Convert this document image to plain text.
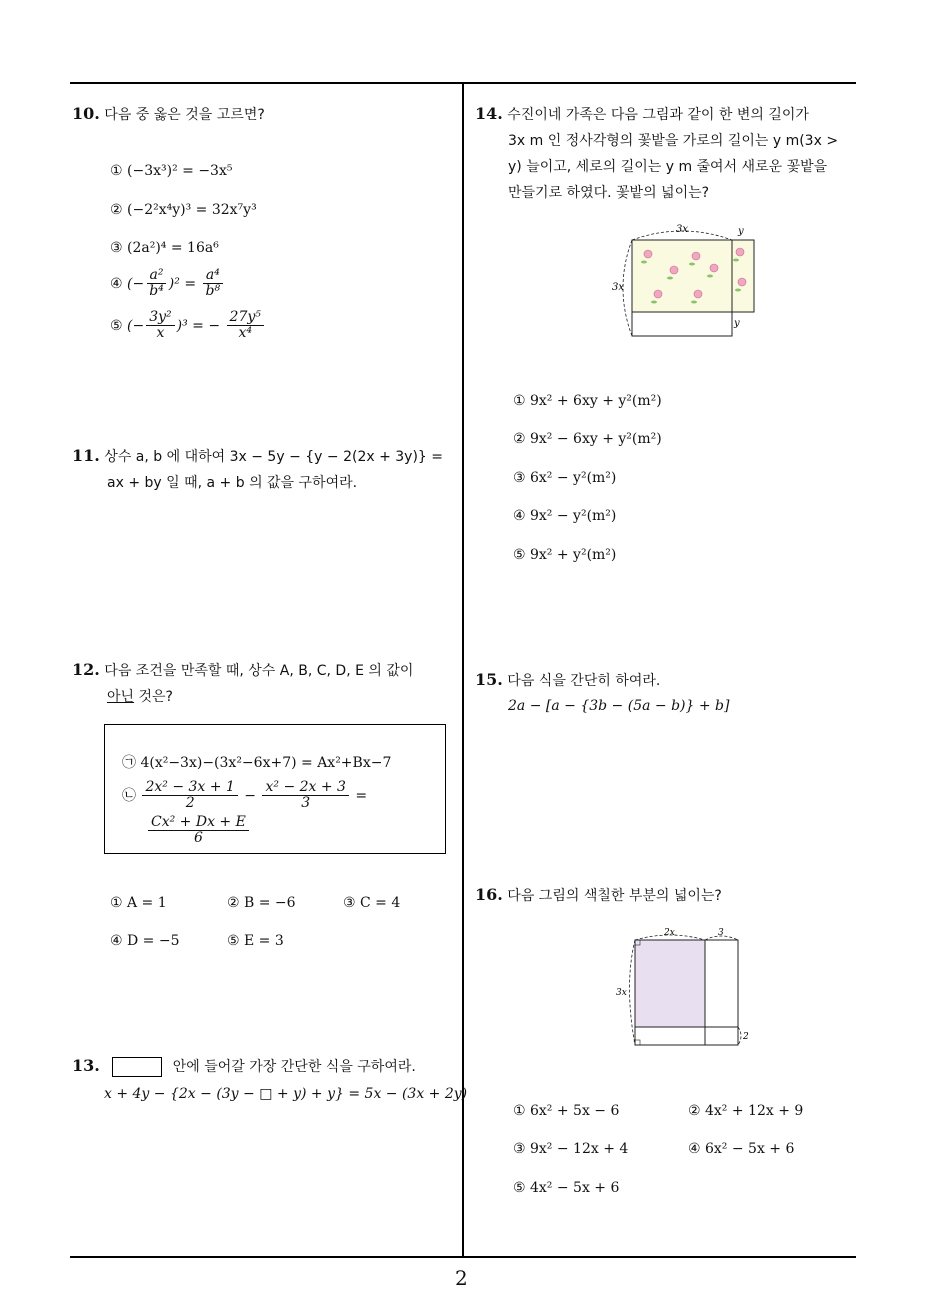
10. 다음 중 옳은 것을 고르면?
① (−3x³)² = −3x⁵
② (−2²x⁴y)³ = 32x⁷y³
③ (2a²)⁴ = 16a⁶
④ (− $\frac{\text{a²}}{\text{b⁴}} )^2 = \frac{\text{a⁴}}{\text{b⁸}}$
⑤ (− $\frac{\text{3y²}}{x} )^3$ = − $\frac{\text{27y⁵}}{\text{x⁴}}$
11. 상수 a, b 에 대하여 3x − 5y − {y − 2(2x + 3y)} =
ax + by 일 때, a + b 의 값을 구하여라.
12. 다음 조건을 만족할 때, 상수 A, B, C, D, E 의 값이
아닌 것은?
㉠ 4(x²−3x)−(3x²−6x+7) = Ax²+Bx−7
㉡ $\frac{\text{2x² − 3x + 1}}{2} - \frac{\text{x² − 2x + 3}}{3}$ =
$\frac{\text{Cx² + Dx + E}}{6}$
① A = 1	② B = −6	③ C = 4
④ D = −5	⑤ E = 3
13.	안에 들어갈 가장 간단한 식을 구하여라.
x + 4y − {2x − (3y − □ + y) + y} = 5x − (3x + 2y)
14. 수진이네 가족은 다음 그림과 같이 한 변의 길이가
3x m 인 정사각형의 꽃밭을 가로의 길이는 y m(3x >
y) 늘이고, 세로의 길이는 y m 줄여서 새로운 꽃밭을
만들기로 하였다. 꽃밭의 넓이는?
3x	y
3x
y
① 9x² + 6xy + y²(m²)
② 9x² − 6xy + y²(m²)
③ 6x² − y²(m²)
④ 9x² − y²(m²)
⑤ 9x² + y²(m²)
15. 다음 식을 간단히 하여라.
2a − [a − {3b − (5a − b)} + b]
16. 다음 그림의 색칠한 부분의 넓이는?
2x	3
3x
2
① 6x² + 5x − 6	② 4x² + 12x + 9
③ 9x² − 12x + 4	④ 6x² − 5x + 6
⑤ 4x² − 5x + 6
2
